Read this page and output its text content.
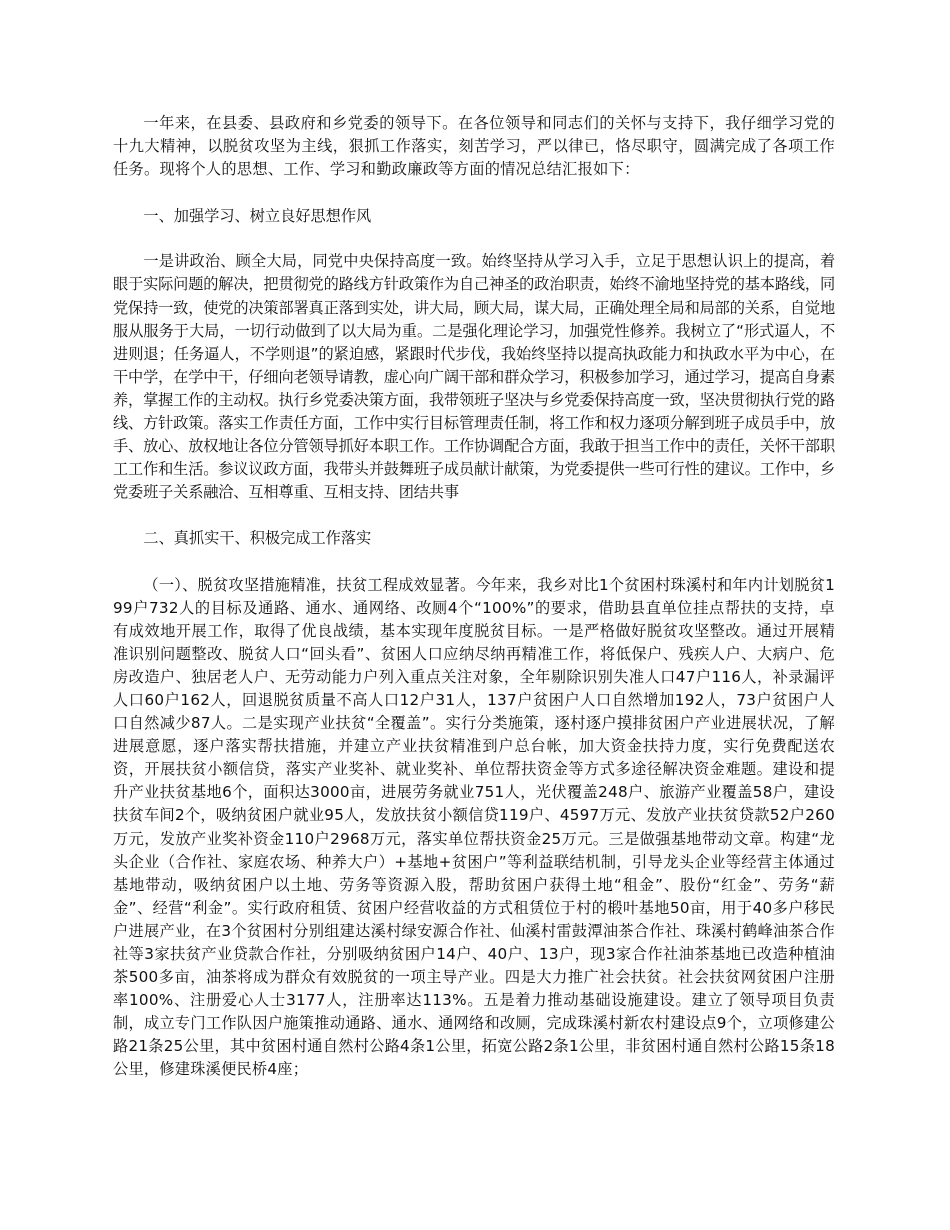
一年来，在县委、县政府和乡党委的领导下。在各位领导和同志们的关怀与支持下，我仔细学习党的十九大精神，以脱贫攻坚为主线，狠抓工作落实，刻苦学习，严以律已，恪尽职守，圆满完成了各项工作任务。现将个人的思想、工作、学习和勤政廉政等方面的情况总结汇报如下：

一、加强学习、树立良好思想作风

一是讲政治、顾全大局，同党中央保持高度一致。始终坚持从学习入手，立足于思想认识上的提高，着眼于实际问题的解决，把贯彻党的路线方针政策作为自己神圣的政治职责，始终不渝地坚持党的基本路线，同党保持一致，使党的决策部署真正落到实处，讲大局，顾大局，谋大局，正确处理全局和局部的关系，自觉地服从服务于大局，一切行动做到了以大局为重。二是强化理论学习，加强党性修养。我树立了“形式逼人，不进则退；任务逼人，不学则退”的紧迫感，紧跟时代步伐，我始终坚持以提高执政能力和执政水平为中心，在干中学，在学中干，仔细向老领导请教，虚心向广阔干部和群众学习，积极参加学习，通过学习，提高自身素养，掌握工作的主动权。执行乡党委决策方面，我带领班子坚决与乡党委保持高度一致，坚决贯彻执行党的路线、方针政策。落实工作责任方面，工作中实行目标管理责任制，将工作和权力逐项分解到班子成员手中，放手、放心、放权地让各位分管领导抓好本职工作。工作协调配合方面，我敢于担当工作中的责任，关怀干部职工工作和生活。参议议政方面，我带头并鼓舞班子成员献计献策，为党委提供一些可行性的建议。工作中，乡党委班子关系融洽、互相尊重、互相支持、团结共事

二、真抓实干、积极完成工作落实

（一）、脱贫攻坚措施精准，扶贫工程成效显著。今年来，我乡对比1个贫困村珠溪村和年内计划脱贫199户732人的目标及通路、通水、通网络、改厕4个“100%”的要求，借助县直单位挂点帮扶的支持，卓有成效地开展工作，取得了优良战绩，基本实现年度脱贫目标。一是严格做好脱贫攻坚整改。通过开展精准识别问题整改、脱贫人口“回头看”、贫困人口应纳尽纳再精准工作，将低保户、残疾人户、大病户、危房改造户、独居老人户、无劳动能力户列入重点关注对象，全年剔除识别失准人口47户116人，补录漏评人口60户162人，回退脱贫质量不高人口12户31人，137户贫困户人口自然增加192人，73户贫困户人口自然减少87人。二是实现产业扶贫“全覆盖”。实行分类施策，逐村逐户摸排贫困户产业进展状况，了解进展意愿，逐户落实帮扶措施，并建立产业扶贫精准到户总台帐，加大资金扶持力度，实行免费配送农资，开展扶贫小额信贷，落实产业奖补、就业奖补、单位帮扶资金等方式多途径解决资金难题。建设和提升产业扶贫基地6个，面积达3000亩，进展劳务就业751人，光伏覆盖248户、旅游产业覆盖58户，建设扶贫车间2个，吸纳贫困户就业95人，发放扶贫小额信贷119户、4597万元、发放产业扶贫贷款52户260万元，发放产业奖补资金110户2968万元，落实单位帮扶资金25万元。三是做强基地带动文章。构建“龙头企业（合作社、家庭农场、种养大户）+基地+贫困户”等利益联结机制，引导龙头企业等经营主体通过基地带动，吸纳贫困户以土地、劳务等资源入股，帮助贫困户获得土地“租金”、股份“红金”、劳务“薪金”、经营“利金”。实行政府租赁、贫困户经营收益的方式租赁位于村的椴叶基地50亩，用于40多户移民户进展产业，在3个贫困村分别组建达溪村绿安源合作社、仙溪村雷鼓潭油茶合作社、珠溪村鹤峰油茶合作社等3家扶贫产业贷款合作社，分别吸纳贫困户14户、40户、13户，现3家合作社油茶基地已改造种植油茶500多亩，油茶将成为群众有效脱贫的一项主导产业。四是大力推广社会扶贫。社会扶贫网贫困户注册率100%、注册爱心人士3177人，注册率达113%。五是着力推动基础设施建设。建立了领导项目负责制，成立专门工作队因户施策推动通路、通水、通网络和改厕，完成珠溪村新农村建设点9个，立项修建公路21条25公里，其中贫困村通自然村公路4条1公里，拓宽公路2条1公里，非贫困村通自然村公路15条18公里，修建珠溪便民桥4座；
